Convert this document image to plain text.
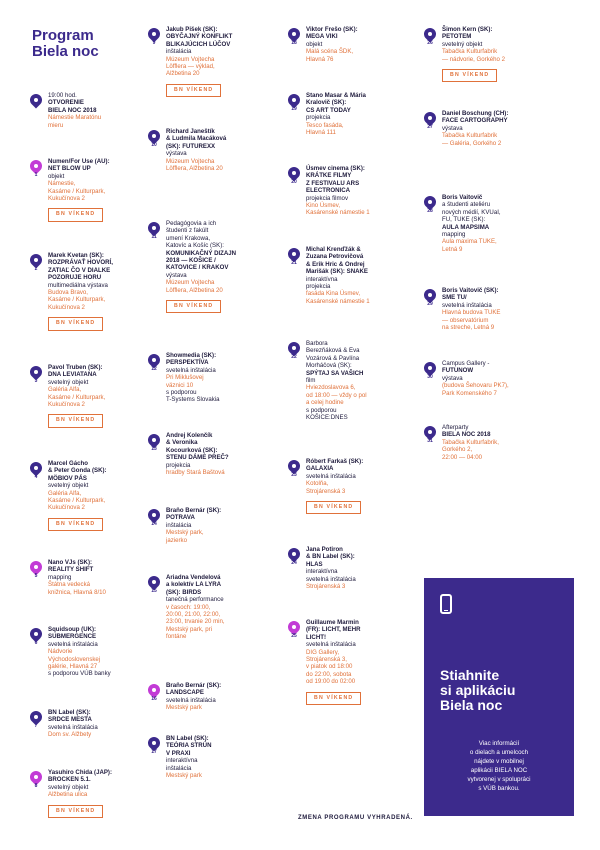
Program
Biela noc
19:00 hod.
OTVORENIE
BIELA NOC 2018
Námestie Maratónu
mieru
1
Numen/For Use (AU):
NET BLOW UP
objekt
Námestie,
Kasárne / Kulturpark,
Kukučínova 2
BN VÍKEND
2
Marek Kvetan (SK):
ROZPRÁVAŤ HOVORÍ,
ZATIAĽ ČO V DIALKE
POZORUJE HORU
multimediálna výstava
Budova Bravo,
Kasárne / Kulturpark,
Kukučínova 2
BN VÍKEND
3
Pavol Truben (SK):
DNA LEVIATANA
svetelný objekt
Galéria Alfa,
Kasárne / Kulturpark,
Kukučínova 2
BN VÍKEND
4
Marcel Gácho
& Peter Gonda (SK):
MÖBIOV PÁS
svetelný objekt
Galéria Alfa,
Kasárne / Kulturpark,
Kukučínova 2
BN VÍKEND
5
Nano VJs (SK):
REALITY SHIFT
mapping
Štátna vedecká
knižnica, Hlavná 8/10
6
Squidsoup (UK):
SUBMERGENCE
svetelná inštalácia
Nádvorie
Východoslovenskej
galérie, Hlavná 27
s podporou VÚB banky
7
BN Label (SK):
SRDCE MESTA
svetelná inštalácia
Dom sv. Alžbety
8
Yasuhiro Chida (JAP):
BROCKEN 5.1.
svetelný objekt
Alžbetina ulica
BN VÍKEND
9
Jakub Pišek (SK):
OBYČAJNÝ KONFLIKT
BLIKAJÚCICH LÚČOV
inštalácia
Múzeum Vojtecha
Löfflera — výklad,
Alžbetina 20
BN VÍKEND
10
Richard Janeštík
& Ludmila Macáková
(SK): FUTUREXX
výstava
Múzeum Vojtecha
Löfflera, Alžbetina 20
11
Pedagógovia a ich
študenti z fakúlt
umení Krakowa,
Katovíc a Košíc (SK):
KOMUNIKAČNÝ DIZAJN
2018 — KOŠICE /
KATOVICE / KRAKOV
výstava
Múzeum Vojtecha
Löfflera, Alžbetina 20
BN VÍKEND
12
Showmedia (SK):
PERSPEKTÍVA
svetelná inštalácia
Pri Miklušovej
väznici 10
s podporou
T-Systems Slovakia
13
Andrej Kolenčík
& Veronika
Kocourková (SK):
STENU DÁME PREČ?
projekcia
hradby Stará Baštová
14
Braňo Bernár (SK):
POTRAVA
inštalácia
Mestský park,
jazierko
15
Ariadna Vendelová
a kolektív LA LYRA
(SK): BIRDS
tanečná performance
v časoch: 19:00,
20:00, 21:00, 22:00,
23:00, trvanie 20 min,
Mestský park, pri
fontáne
16
Braňo Bernár (SK):
LANDSCAPE
svetelná inštalácia
Mestský park
17
BN Label (SK):
TEÓRIA STRÚN
V PRAXI
interaktívna
inštalácia
Mestský park
18
Viktor Frešo (SK):
MEGA VIKI
objekt
Malá scéna ŠDK,
Hlavná 76
19
Stano Masar & Mária
Kralovič (SK):
CS ART TODAY
projekcia
Tesco fasáda,
Hlavná 111
20
Úsmev cinema (SK):
KRÁTKE FILMY
Z FESTIVALU ARS
ELECTRONICA
projekcia filmov
Kino Úsmev,
Kasárenské námestie 1
21
Michal Krenďžák &
Zuzana Petrovičová
& Erik Hric & Ondrej
Marišák (SK): SNAKE
interaktívna
projekcia
fasáda Kina Úsmev,
Kasárenské námestie 1
22
Barbora
Berezňáková & Eva
Vozárová & Pavlína
Morháčová (SK):
SPÝTAJ SA VAŠICH
film
Hviezdoslavova 6,
od 18:00 — vždy o pol
a celej hodine
s podporou
KOŠICE:DNES
23
Róbert Farkaš (SK):
GALAXIA
svetelná inštalácia
Kotolňa,
Strojárenská 3
BN VÍKEND
24
Jana Potiron
& BN Label (SK):
HLAS
interaktívna
svetelná inštalácia
Strojárenská 3
25
Guillaume Marmin
(FR): LICHT, MEHR
LICHT!
svetelná inštalácia
DIG Gallery,
Strojárenská 3,
v piatok od 18:00
do 22:00, sobota
od 19:00 do 02:00
BN VÍKEND
26
Šimon Kern (SK):
PETOTEM
svetelný objekt
Tabačka Kulturfabrik
— nádvorie, Gorkého 2
BN VÍKEND
27
Daniel Boschung (CH):
FACE CARTOGRAPHY
výstava
Tabačka Kulturfabrik
— Galéria, Gorkého 2
28
Boris Vaitovič
a študenti ateliéru
nových médií, KVUaI,
FU, TUKE (SK):
AULA MAPSIMA
mapping
Aula maxima TUKE,
Letná 9
29
Boris Vaitovič (SK):
SME TU/
svetelná inštalácia
Hlavná budova TUKE
— observatórium
na streche, Letná 9
30
Campus Gallery -
FUTUNOW
výstava
(budova Šehovaru PK7),
Park Komenského 7
31
Afterparty
BIELA NOC 2018
Tabačka Kulturfabrik,
Gorkého 2,
22:00 — 04:00
Stiahnite
si aplikáciu
Biela noc
Viac informácií
o dielach a umelcoch
nájdete v mobilnej
aplikácii BIELA NOC
vytvorenej v spolupráci
s VÚB bankou.
ZMENA PROGRAMU VYHRADENÁ.
